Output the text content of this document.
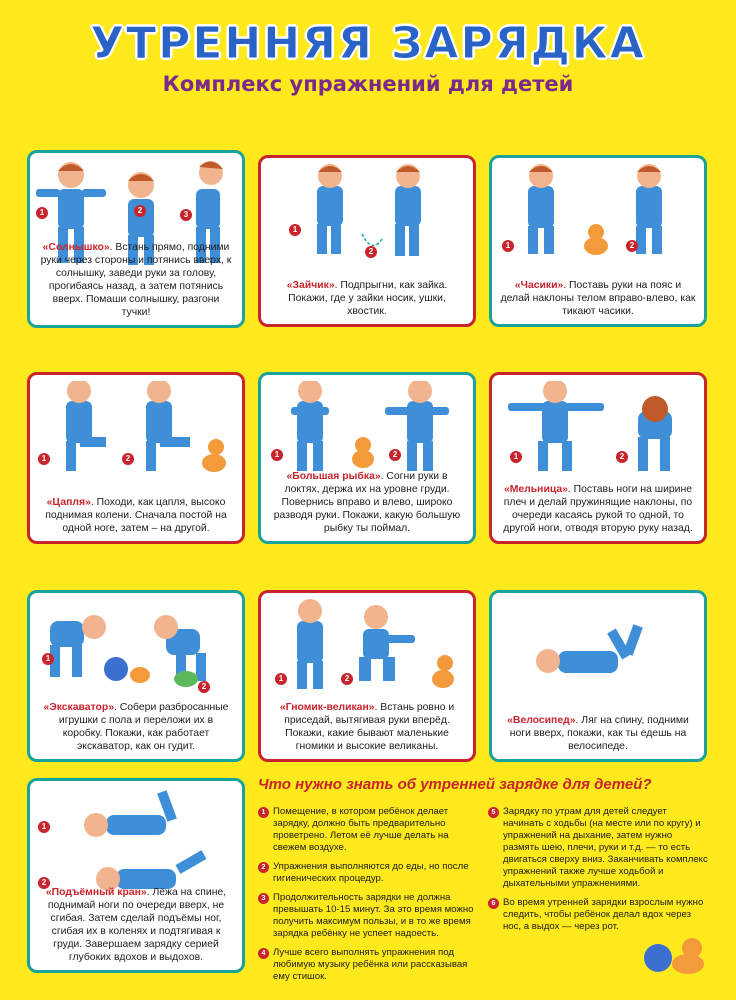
УТРЕННЯЯ ЗАРЯДКА
Комплекс упражнений для детей
1	2	3
«Солнышко». Встань прямо, подними руки через стороны и потянись вверх, к солнышку, заведи руки за голову, прогибаясь назад, а затем потянись вверх. Помаши солнышку, разгони тучки!
1
2
«Зайчик». Подпрыгни, как зайка. Покажи, где у зайки носик, ушки, хвостик.
1	2
«Часики». Поставь руки на пояс и делай наклоны телом вправо-влево, как тикают часики.
1	2
«Цапля». Походи, как цапля, высоко поднимая колени. Сначала постой на одной ноге, затем – на другой.
1	2
«Большая рыбка». Согни руки в локтях, держа их на уровне груди. Повернись вправо и влево, широко разводя руки. Покажи, какую большую рыбку ты поймал.
1	2
«Мельница». Поставь ноги на ширине плеч и делай пружинящие наклоны, по очереди касаясь рукой то одной, то другой ноги, отводя вторую руку назад.
1
2
«Экскаватор». Собери разбросанные игрушки с пола и переложи их в коробку. Покажи, как работает экскаватор, как он гудит.
1	2
«Гномик-великан». Встань ровно и приседай, вытягивая руки вперёд. Покажи, какие бывают маленькие гномики и высокие великаны.
«Велосипед». Ляг на спину, подними ноги вверх, покажи, как ты едешь на велосипеде.
1
2
«Подъёмный кран». Лёжа на спине, поднимай ноги по очереди вверх, не сгибая. Затем сделай подъёмы ног, сгибая их в коленях и подтягивая к груди. Завершаем зарядку серией глубоких вдохов и выдохов.
Что нужно знать об утренней зарядке для детей?
1 Помещение, в котором ребёнок делает зарядку, должно быть предварительно проветрено. Летом её лучше делать на свежем воздухе.
2 Упражнения выполняются до еды, но после гигиенических процедур.
3 Продолжительность зарядки не должна превышать 10-15 минут. За это время можно получить максимум пользы, и в то же время зарядка ребёнку не успеет надоесть.
4 Лучше всего выполнять упражнения под любимую музыку ребёнка или рассказывая ему стишок.
5 Зарядку по утрам для детей следует начинать с ходьбы (на месте или по кругу) и упражнений на дыхание, затем нужно размять шею, плечи, руки и т.д. — то есть двигаться сверху вниз. Заканчивать комплекс упражнений также лучше ходьбой и дыхательными упражнениями.
6 Во время утренней зарядки взрослым нужно следить, чтобы ребёнок делал вдох через нос, а выдох — через рот.
